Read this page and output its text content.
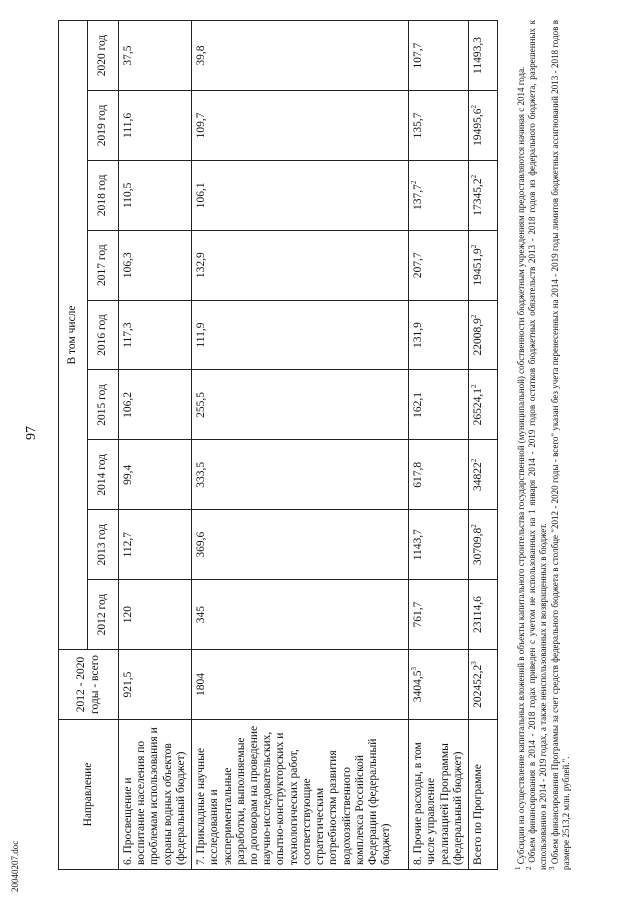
97
20040207.doc
Направление	2012 - 2020 годы - всего	В том числе								
		2012 год	2013 год	2014 год	2015 год	2016 год	2017 год	2018 год	2019 год	2020 год
6. Просвещение и воспитание населения по проблемам использования и охраны водных объектов (федеральный бюджет)	921,5	120	112,7	99,4	106,2	117,3	106,3	110,5	111,6	37,5
7. Прикладные научные исследования и экспериментальные разработки, выполняемые по договорам на проведение научно-исследовательских, опытно-конструкторских и технологических работ, соответствующие стратегическим потребностям развития водохозяйственного комплекса Российской Федерации (федеральный бюджет)	1804	345	369,6	333,5	255,5	111,9	132,9	106,1	109,7	39,8
8. Прочие расходы, в том числе управление реализацией Программы (федеральный бюджет)	3404,5$^3$	761,7	1143,7	617,8	162,1	131,9	207,7	137,7$^2$	135,7	107,7
Всего по Программе	202452,2$^3$	23114,6	30709,8$^2$	34822$^2$	26524,1$^2$	22008,9$^2$	19451,9$^2$	17345,2$^2$	19495,6$^2$	11493,3

$^1$ Субсидии на осуществление капитальных вложений в объекты капитального строительства государственной (муниципальной) собственности бюджетным учреждениям предоставляются начиная с 2014 года.

$^2$ Объем финансирования в 2014 - 2018 годах приведен с учетом не использованных на 1 января 2014 - 2019 годов остатков бюджетных обязательств 2013 - 2018 годов из федерального бюджета, разрешенных к использованию в 2014 - 2019 годах, а также неиспользованных и возвращенных в бюджет. $^3$ Объем финансирования Программы за счет средств федерального бюджета в столбце "2012 - 2020 годы - всего" указан без учета перенесенных на 2014 - 2019 годы лимитов бюджетных ассигнований 2013 - 2018 годов в размере 2513,2 млн. рублей.".
